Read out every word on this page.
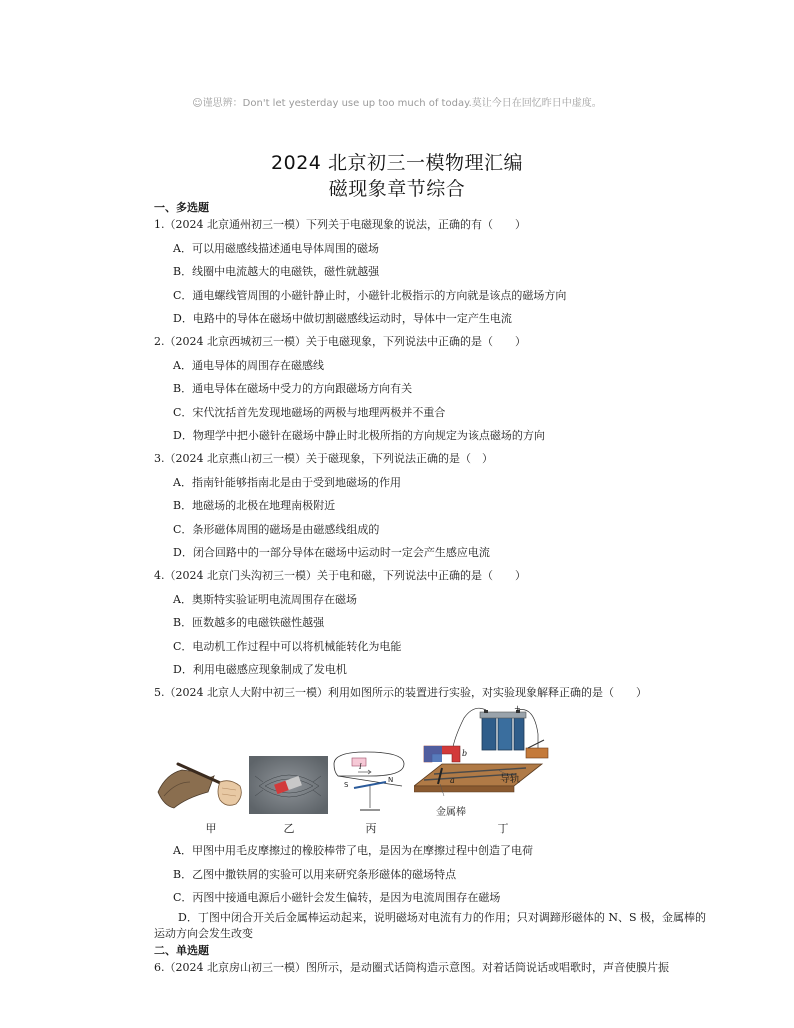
☺谨思辨：Don't let yesterday use up too much of today.莫让今日在回忆昨日中虚度。
2024 北京初三一模物理汇编
磁现象章节综合
一、多选题
1.（2024 北京通州初三一模）下列关于电磁现象的说法，正确的有（　　）
A．可以用磁感线描述通电导体周围的磁场
B．线圈中电流越大的电磁铁，磁性就越强
C．通电螺线管周围的小磁针静止时，小磁针北极指示的方向就是该点的磁场方向
D．电路中的导体在磁场中做切割磁感线运动时，导体中一定产生电流
2.（2024 北京西城初三一模）关于电磁现象，下列说法中正确的是（　　）
A．通电导体的周围存在磁感线
B．通电导体在磁场中受力的方向跟磁场方向有关
C．宋代沈括首先发现地磁场的两极与地理两极并不重合
D．物理学中把小磁针在磁场中静止时北极所指的方向规定为该点磁场的方向
3.（2024 北京燕山初三一模）关于磁现象，下列说法正确的是（　）
A．指南针能够指南北是由于受到地磁场的作用
B．地磁场的北极在地理南极附近
C．条形磁体周围的磁场是由磁感线组成的
D．闭合回路中的一部分导体在磁场中运动时一定会产生感应电流
4.（2024 北京门头沟初三一模）关于电和磁，下列说法中正确的是（　　）
A．奥斯特实验证明电流周围存在磁场
B．匝数越多的电磁铁磁性越强
C．电动机工作过程中可以将机械能转化为电能
D．利用电磁感应现象制成了发电机
5.（2024 北京人大附中初三一模）利用如图所示的装置进行实验，对实验现象解释正确的是（　　）
甲	乙
S
N
I
丙
b
a
+
导轨
金属棒
丁
A．甲图中用毛皮摩擦过的橡胶棒带了电，是因为在摩擦过程中创造了电荷
B．乙图中撒铁屑的实验可以用来研究条形磁体的磁场特点
C．丙图中接通电源后小磁针会发生偏转，是因为电流周围存在磁场
D．丁图中闭合开关后金属棒运动起来，说明磁场对电流有力的作用；只对调蹄形磁体的 N、S 极，金属棒的运动方向会发生改变
二、单选题
6.（2024 北京房山初三一模）图所示，是动圈式话筒构造示意图。对着话筒说话或唱歌时，声音使膜片振
